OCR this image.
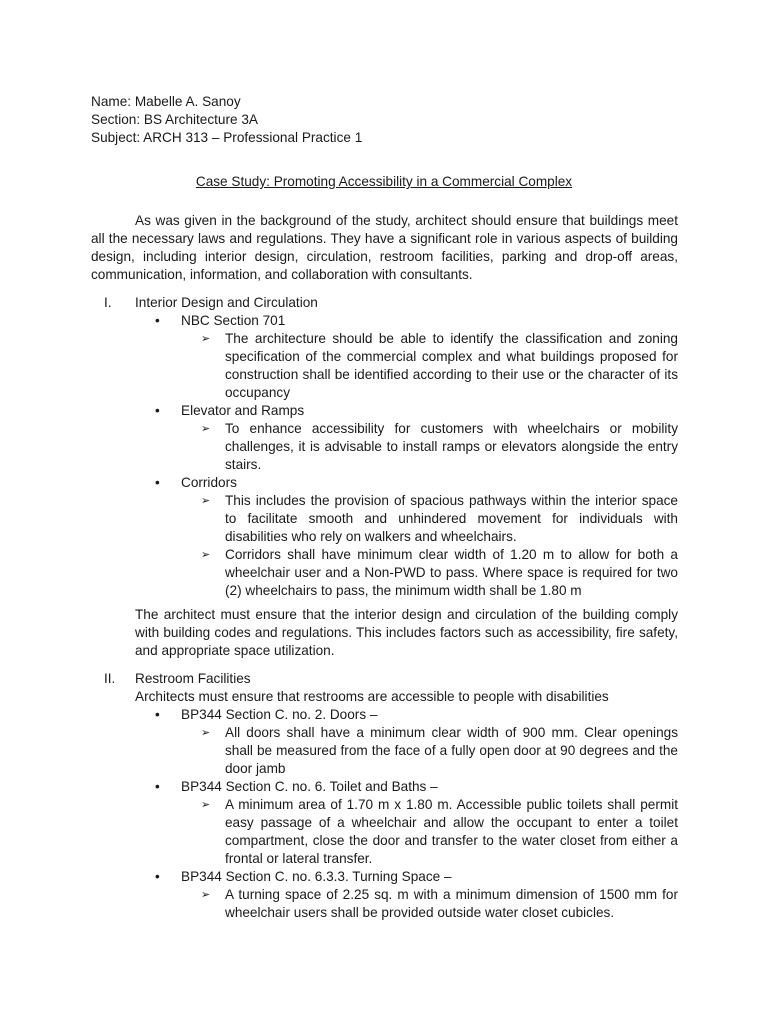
Name: Mabelle A. Sanoy
Section: BS Architecture 3A
Subject: ARCH 313 – Professional Practice 1
Case Study: Promoting Accessibility in a Commercial Complex

As was given in the background of the study, architect should ensure that buildings meet all the necessary laws and regulations. They have a significant role in various aspects of building design, including interior design, circulation, restroom facilities, parking and drop-off areas, communication, information, and collaboration with consultants.

I. Interior Design and Circulation
• NBC Section 701
➢ The architecture should be able to identify the classification and zoning specification of the commercial complex and what buildings proposed for construction shall be identified according to their use or the character of its occupancy
• Elevator and Ramps
➢ To enhance accessibility for customers with wheelchairs or mobility challenges, it is advisable to install ramps or elevators alongside the entry stairs.
• Corridors
➢ This includes the provision of spacious pathways within the interior space to facilitate smooth and unhindered movement for individuals with disabilities who rely on walkers and wheelchairs.
➢ Corridors shall have minimum clear width of 1.20 m to allow for both a wheelchair user and a Non-PWD to pass. Where space is required for two (2) wheelchairs to pass, the minimum width shall be 1.80 m

The architect must ensure that the interior design and circulation of the building comply with building codes and regulations. This includes factors such as accessibility, fire safety, and appropriate space utilization.

II. Restroom Facilities
Architects must ensure that restrooms are accessible to people with disabilities
• BP344 Section C. no. 2. Doors –
➢ All doors shall have a minimum clear width of 900 mm. Clear openings shall be measured from the face of a fully open door at 90 degrees and the door jamb
• BP344 Section C. no. 6. Toilet and Baths –
➢ A minimum area of 1.70 m x 1.80 m. Accessible public toilets shall permit easy passage of a wheelchair and allow the occupant to enter a toilet compartment, close the door and transfer to the water closet from either a frontal or lateral transfer.
• BP344 Section C. no. 6.3.3. Turning Space –
➢ A turning space of 2.25 sq. m with a minimum dimension of 1500 mm for wheelchair users shall be provided outside water closet cubicles.
